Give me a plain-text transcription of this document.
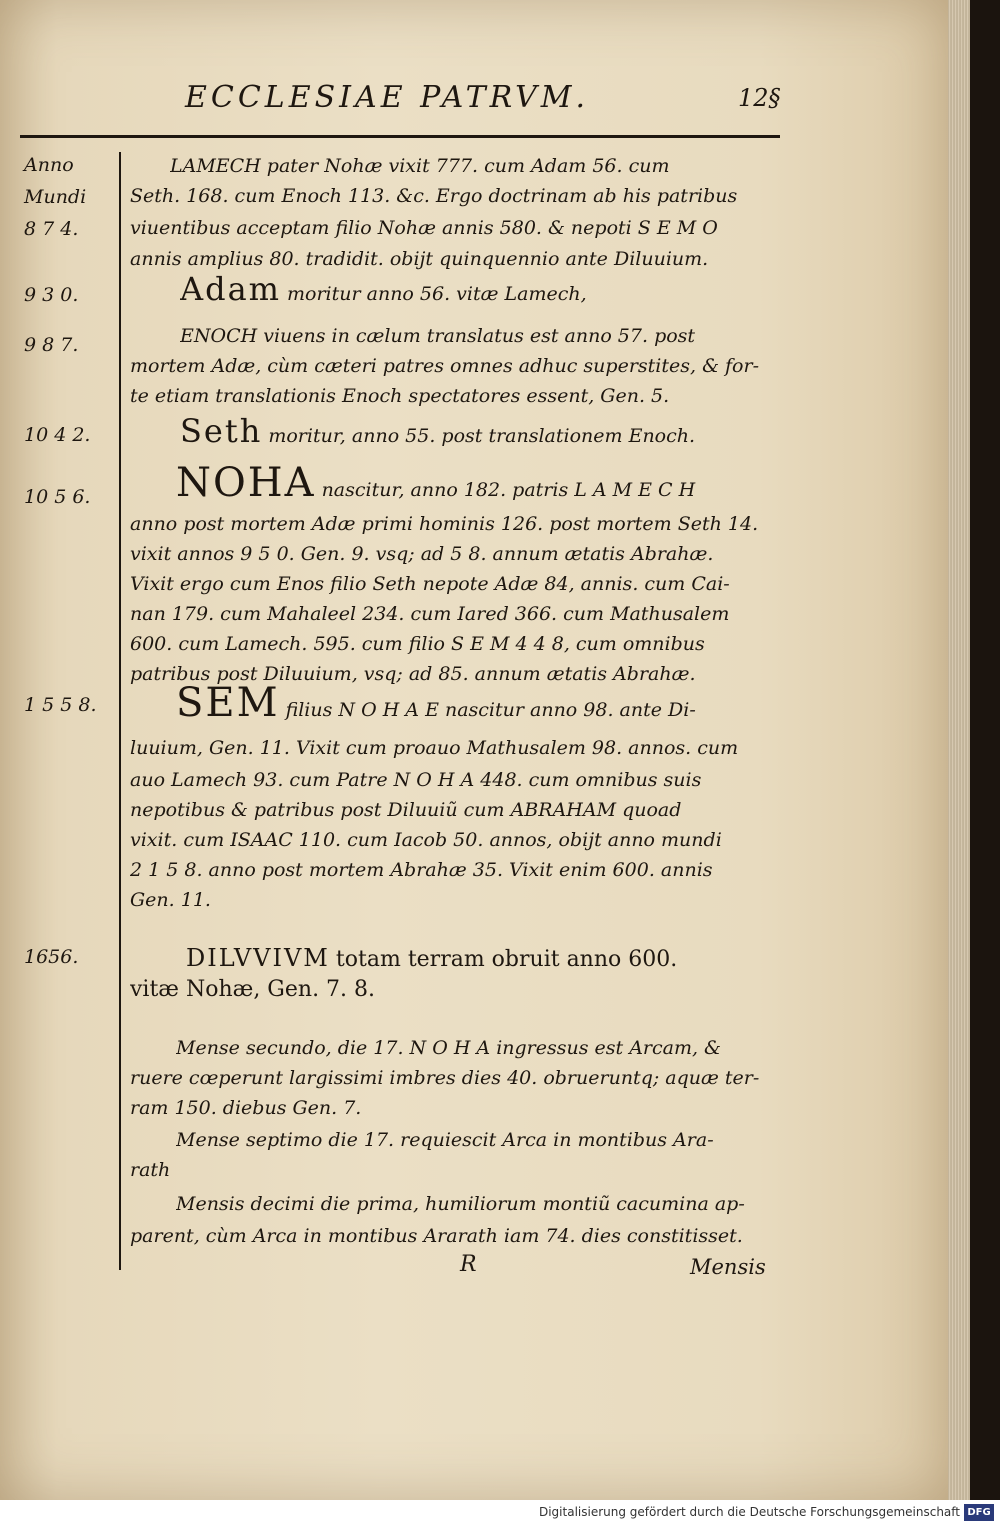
ECCLESIAE PATRVM.	12§
Anno
Mundi
8 7 4.
9 3 0.
9 8 7.
10 4 2.
10 5 6.
1 5 5 8.
1656.
LAMECH pater Nohæ vixit 777. cum Adam 56. cum
Seth. 168. cum Enoch 113. &c. Ergo doctrinam ab his patribus
viuentibus acceptam filio Nohæ annis 580. & nepoti S E M O
annis amplius 80. tradidit. obijt quinquennio ante Diluuium.
Adam moritur anno 56. vitæ Lamech,
ENOCH viuens in cælum translatus est anno 57. post
mortem Adæ, cùm cæteri patres omnes adhuc superstites, & for-
te etiam translationis Enoch spectatores essent, Gen. 5.
Seth moritur, anno 55. post translationem Enoch.
NOHA nascitur, anno 182. patris L A M E C H
anno post mortem Adæ primi hominis 126. post mortem Seth 14.
vixit annos 9 5 0. Gen. 9. vsq; ad 5 8. annum ætatis Abrahæ.
Vixit ergo cum Enos filio Seth nepote Adæ 84, annis. cum Cai-
nan 179. cum Mahaleel 234. cum Iared 366. cum Mathusalem
600. cum Lamech. 595. cum filio S E M 4 4 8, cum omnibus
patribus post Diluuium, vsq; ad 85. annum ætatis Abrahæ.
SEM filius N O H A E nascitur anno 98. ante Di-
luuium, Gen. 11. Vixit cum proauo Mathusalem 98. annos. cum
auo Lamech 93. cum Patre N O H A 448. cum omnibus suis
nepotibus & patribus post Diluuiũ cum ABRAHAM quoad
vixit. cum ISAAC 110. cum Iacob 50. annos, obijt anno mundi
2 1 5 8. anno post mortem Abrahæ 35. Vixit enim 600. annis
Gen. 11.
DILVVIVM totam terram obruit anno 600.
vitæ Nohæ, Gen. 7. 8.
Mense secundo, die 17. N O H A ingressus est Arcam, &
ruere cœperunt largissimi imbres dies 40. obrueruntq; aquæ ter-
ram 150. diebus Gen. 7.
Mense septimo die 17. requiescit Arca in montibus Ara-
rath
Mensis decimi die prima, humiliorum montiũ cacumina ap-
parent, cùm Arca in montibus Ararath iam 74. dies constitisset.
R	Mensis
Digitalisierung gefördert durch die Deutsche Forschungsgemeinschaft DFG
